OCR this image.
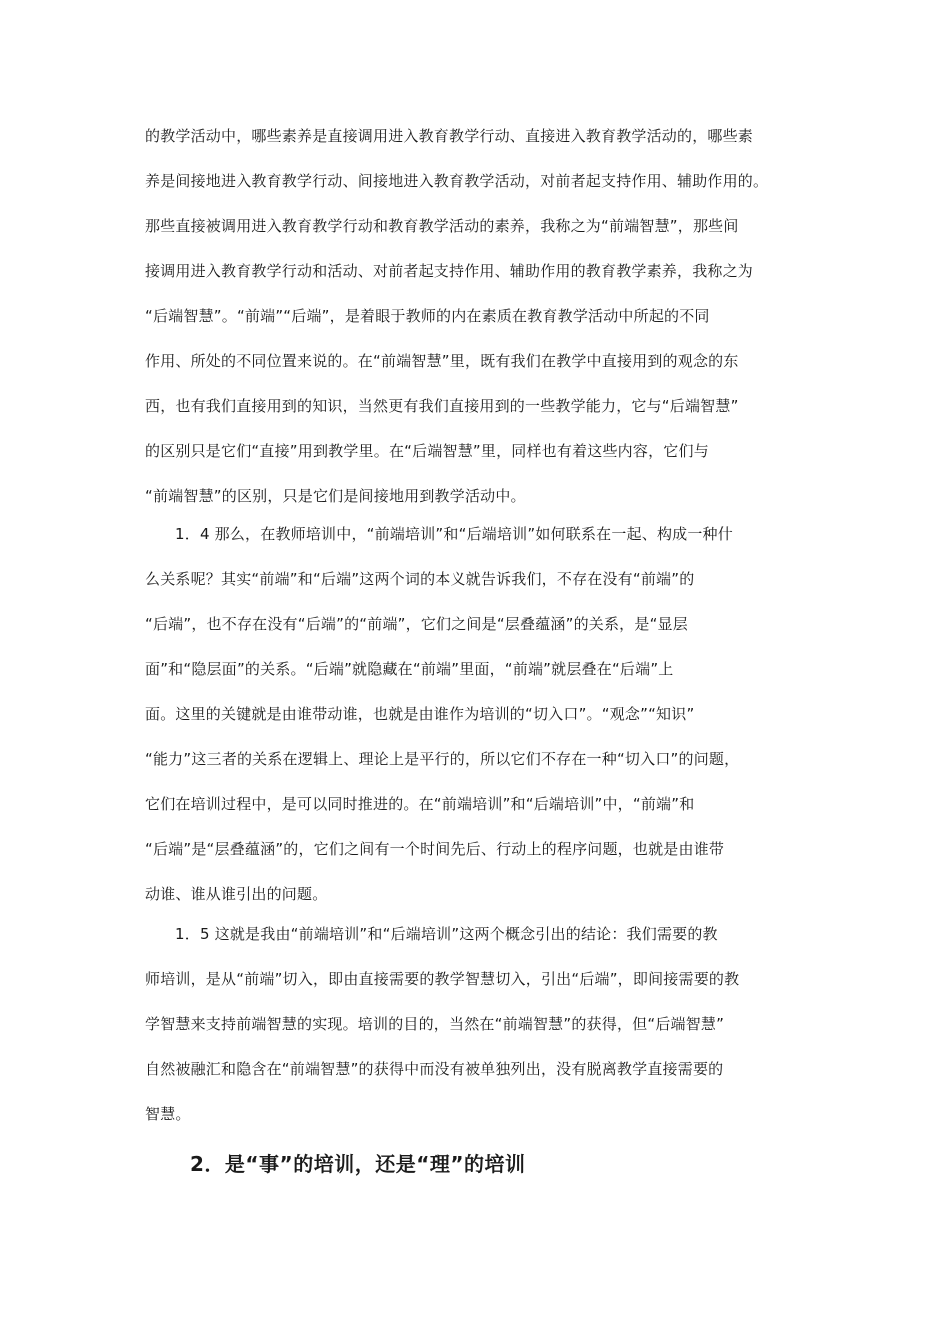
的教学活动中，哪些素养是直接调用进入教育教学行动、直接进入教育教学活动的，哪些素
养是间接地进入教育教学行动、间接地进入教育教学活动，对前者起支持作用、辅助作用的。
那些直接被调用进入教育教学行动和教育教学活动的素养，我称之为“前端智慧”，那些间
接调用进入教育教学行动和活动、对前者起支持作用、辅助作用的教育教学素养，我称之为
“后端智慧”。“前端”“后端”，是着眼于教师的内在素质在教育教学活动中所起的不同
作用、所处的不同位置来说的。在“前端智慧”里，既有我们在教学中直接用到的观念的东
西，也有我们直接用到的知识，当然更有我们直接用到的一些教学能力，它与“后端智慧”
的区别只是它们“直接”用到教学里。在“后端智慧”里，同样也有着这些内容，它们与
“前端智慧”的区别，只是它们是间接地用到教学活动中。
1．4 那么，在教师培训中，“前端培训”和“后端培训”如何联系在一起、构成一种什
么关系呢？其实“前端”和“后端”这两个词的本义就告诉我们，不存在没有“前端”的
“后端”，也不存在没有“后端”的“前端”，它们之间是“层叠蕴涵”的关系，是“显层
面”和“隐层面”的关系。“后端”就隐藏在“前端”里面，“前端”就层叠在“后端”上
面。这里的关键就是由谁带动谁，也就是由谁作为培训的“切入口”。“观念”“知识”
“能力”这三者的关系在逻辑上、理论上是平行的，所以它们不存在一种“切入口”的问题，
它们在培训过程中，是可以同时推进的。在“前端培训”和“后端培训”中，“前端”和
“后端”是“层叠蕴涵”的，它们之间有一个时间先后、行动上的程序问题，也就是由谁带
动谁、谁从谁引出的问题。
1．5 这就是我由“前端培训”和“后端培训”这两个概念引出的结论：我们需要的教
师培训，是从“前端”切入，即由直接需要的教学智慧切入，引出“后端”，即间接需要的教
学智慧来支持前端智慧的实现。培训的目的，当然在“前端智慧”的获得，但“后端智慧”
自然被融汇和隐含在“前端智慧”的获得中而没有被单独列出，没有脱离教学直接需要的
智慧。
2．是“事”的培训，还是“理”的培训
